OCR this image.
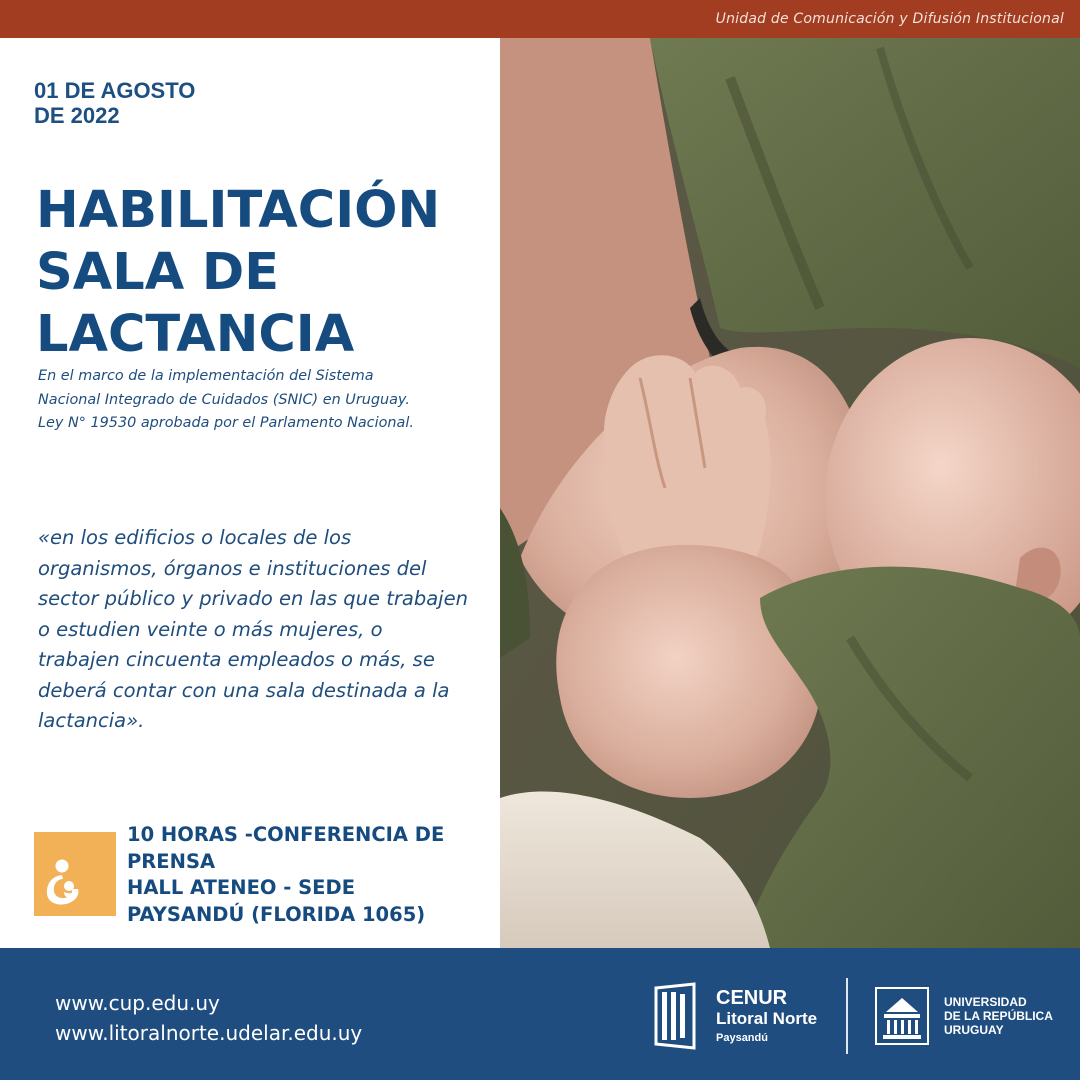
Unidad de Comunicación y Difusión Institucional
01 DE AGOSTO
DE 2022
HABILITACIÓN
SALA DE
LACTANCIA

En el marco de la implementación del Sistema Nacional Integrado de Cuidados (SNIC) en Uruguay. Ley N° 19530 aprobada por el Parlamento Nacional.

«en los edificios o locales de los organismos, órganos e instituciones del sector público y privado en las que trabajen o estudien veinte o más mujeres, o trabajen cincuenta empleados o más, se deberá contar con una sala destinada a la lactancia».

10 HORAS -CONFERENCIA DE
PRENSA
HALL ATENEO - SEDE
PAYSANDÚ (FLORIDA 1065)
www.cup.edu.uy
www.litoralnorte.udelar.edu.uy
CENUR
Litoral Norte
Paysandú
UNIVERSIDAD
DE LA REPÚBLICA
URUGUAY
